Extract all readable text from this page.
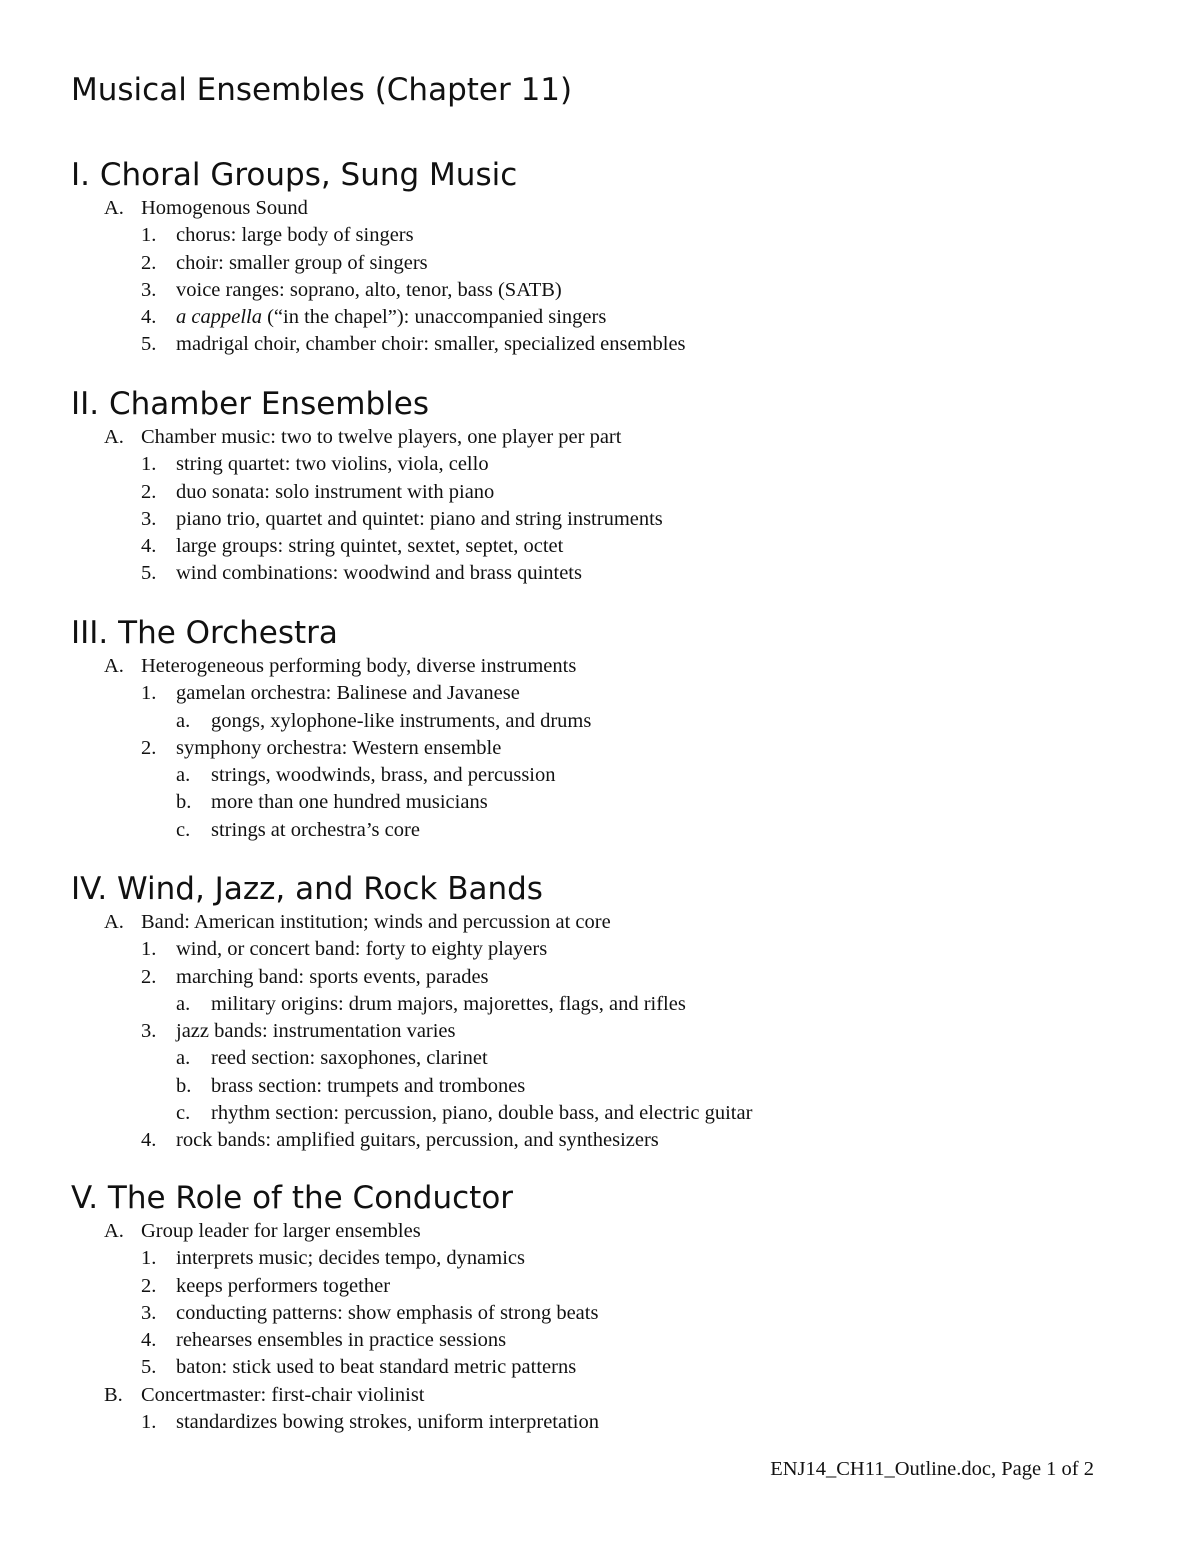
Musical Ensembles (Chapter 11)
I. Choral Groups, Sung Music
A. Homogenous Sound
1. chorus: large body of singers
2. choir: smaller group of singers
3. voice ranges: soprano, alto, tenor, bass (SATB)
4. a cappella (“in the chapel”): unaccompanied singers
5. madrigal choir, chamber choir: smaller, specialized ensembles
II. Chamber Ensembles
A. Chamber music: two to twelve players, one player per part
1. string quartet: two violins, viola, cello
2. duo sonata: solo instrument with piano
3. piano trio, quartet and quintet: piano and string instruments
4. large groups: string quintet, sextet, septet, octet
5. wind combinations: woodwind and brass quintets
III. The Orchestra
A. Heterogeneous performing body, diverse instruments
1. gamelan orchestra: Balinese and Javanese
a. gongs, xylophone-like instruments, and drums
2. symphony orchestra: Western ensemble
a. strings, woodwinds, brass, and percussion
b. more than one hundred musicians
c. strings at orchestra’s core
IV. Wind, Jazz, and Rock Bands
A. Band: American institution; winds and percussion at core
1. wind, or concert band: forty to eighty players
2. marching band: sports events, parades
a. military origins: drum majors, majorettes, flags, and rifles
3. jazz bands: instrumentation varies
a. reed section: saxophones, clarinet
b. brass section: trumpets and trombones
c. rhythm section: percussion, piano, double bass, and electric guitar
4. rock bands: amplified guitars, percussion, and synthesizers
V. The Role of the Conductor
A. Group leader for larger ensembles
1. interprets music; decides tempo, dynamics
2. keeps performers together
3. conducting patterns: show emphasis of strong beats
4. rehearses ensembles in practice sessions
5. baton: stick used to beat standard metric patterns
B. Concertmaster: first-chair violinist
1. standardizes bowing strokes, uniform interpretation
ENJ14_CH11_Outline.doc, Page 1 of 2
